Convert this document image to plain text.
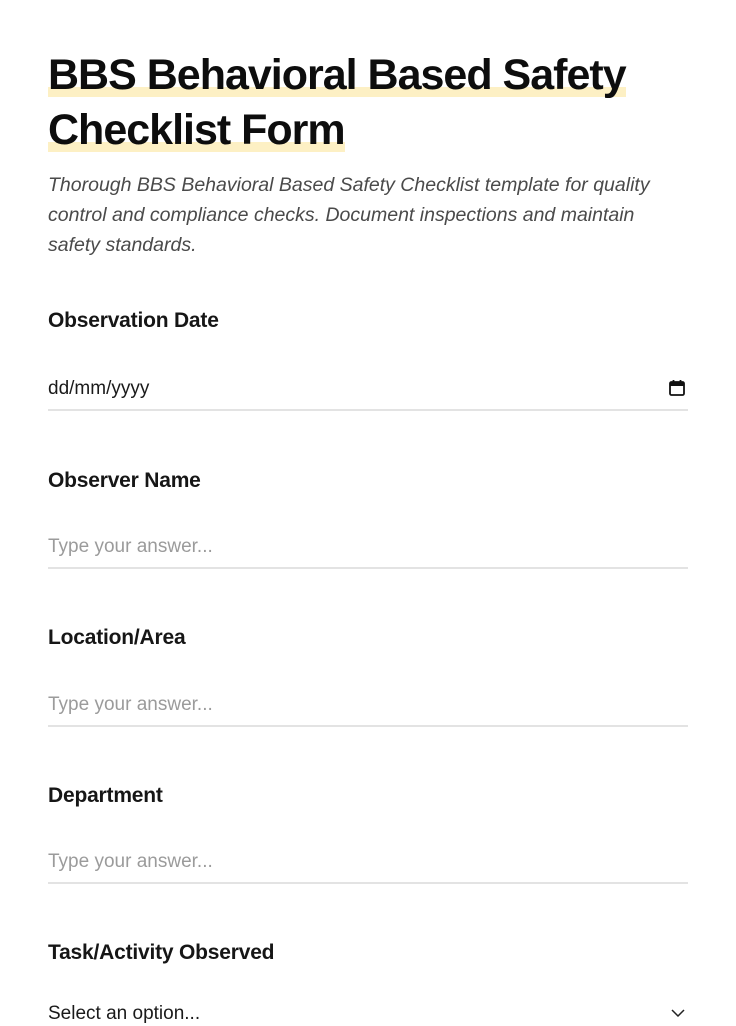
BBS Behavioral Based Safety
Checklist Form

Thorough BBS Behavioral Based Safety Checklist template for quality control and compliance checks. Document inspections and maintain safety standards.

Observation Date
dd/mm/yyyy
Observer Name
Type your answer...
Location/Area
Type your answer...
Department
Type your answer...
Task/Activity Observed
Select an option...
